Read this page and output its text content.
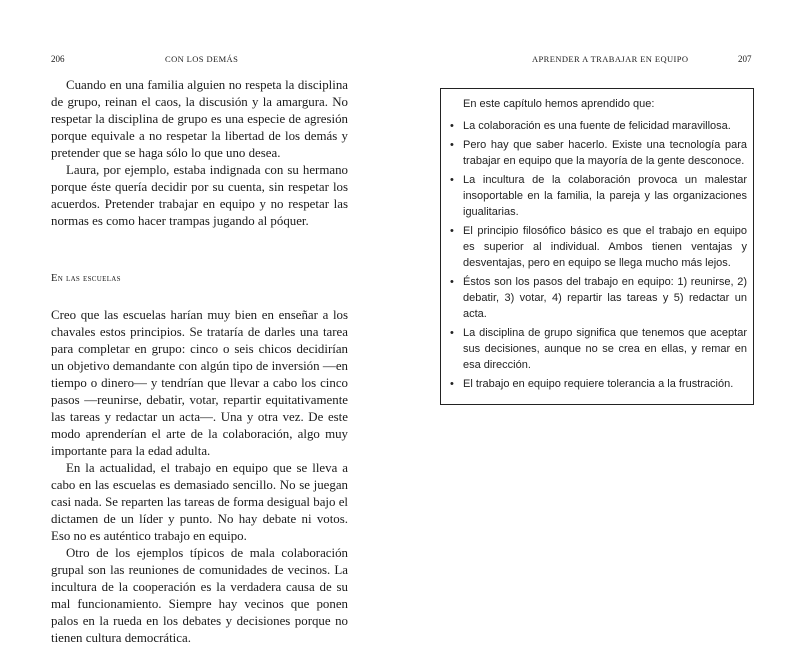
206	CON LOS DEMÁS

Cuando en una familia alguien no respeta la disciplina de grupo, reinan el caos, la discusión y la amargura. No respetar la disciplina de grupo es una especie de agresión porque equivale a no respetar la libertad de los demás y pretender que se haga sólo lo que uno desea.

Laura, por ejemplo, estaba indignada con su hermano porque éste quería decidir por su cuenta, sin respetar los acuerdos. Pretender trabajar en equipo y no respetar las normas es como hacer trampas jugando al póquer.

En las escuelas

Creo que las escuelas harían muy bien en enseñar a los chavales estos principios. Se trataría de darles una tarea para completar en grupo: cinco o seis chicos decidirían un objetivo demandante con algún tipo de inversión —en tiempo o dinero— y tendrían que llevar a cabo los cinco pasos —reunirse, debatir, votar, repartir equitativamente las tareas y redactar un acta—. Una y otra vez. De este modo aprenderían el arte de la colaboración, algo muy importante para la edad adulta.

En la actualidad, el trabajo en equipo que se lleva a cabo en las escuelas es demasiado sencillo. No se juegan casi nada. Se reparten las tareas de forma desigual bajo el dictamen de un líder y punto. No hay debate ni votos. Eso no es auténtico trabajo en equipo.

Otro de los ejemplos típicos de mala colaboración grupal son las reuniones de comunidades de vecinos. La incultura de la cooperación es la verdadera causa de su mal funcionamiento. Siempre hay vecinos que ponen palos en la rueda en los debates y decisiones porque no tienen cultura democrática.

APRENDER A TRABAJAR EN EQUIPO	207

En este capítulo hemos aprendido que:

• La colaboración es una fuente de felicidad maravillosa.
• Pero hay que saber hacerlo. Existe una tecnología para trabajar en equipo que la mayoría de la gente desconoce.
• La incultura de la colaboración provoca un malestar insoportable en la familia, la pareja y las organizaciones igualitarias.
• El principio filosófico básico es que el trabajo en equipo es superior al individual. Ambos tienen ventajas y desventajas, pero en equipo se llega mucho más lejos.
• Éstos son los pasos del trabajo en equipo: 1) reunirse, 2) debatir, 3) votar, 4) repartir las tareas y 5) redactar un acta.
• La disciplina de grupo significa que tenemos que aceptar sus decisiones, aunque no se crea en ellas, y remar en esa dirección.
• El trabajo en equipo requiere tolerancia a la frustración.
